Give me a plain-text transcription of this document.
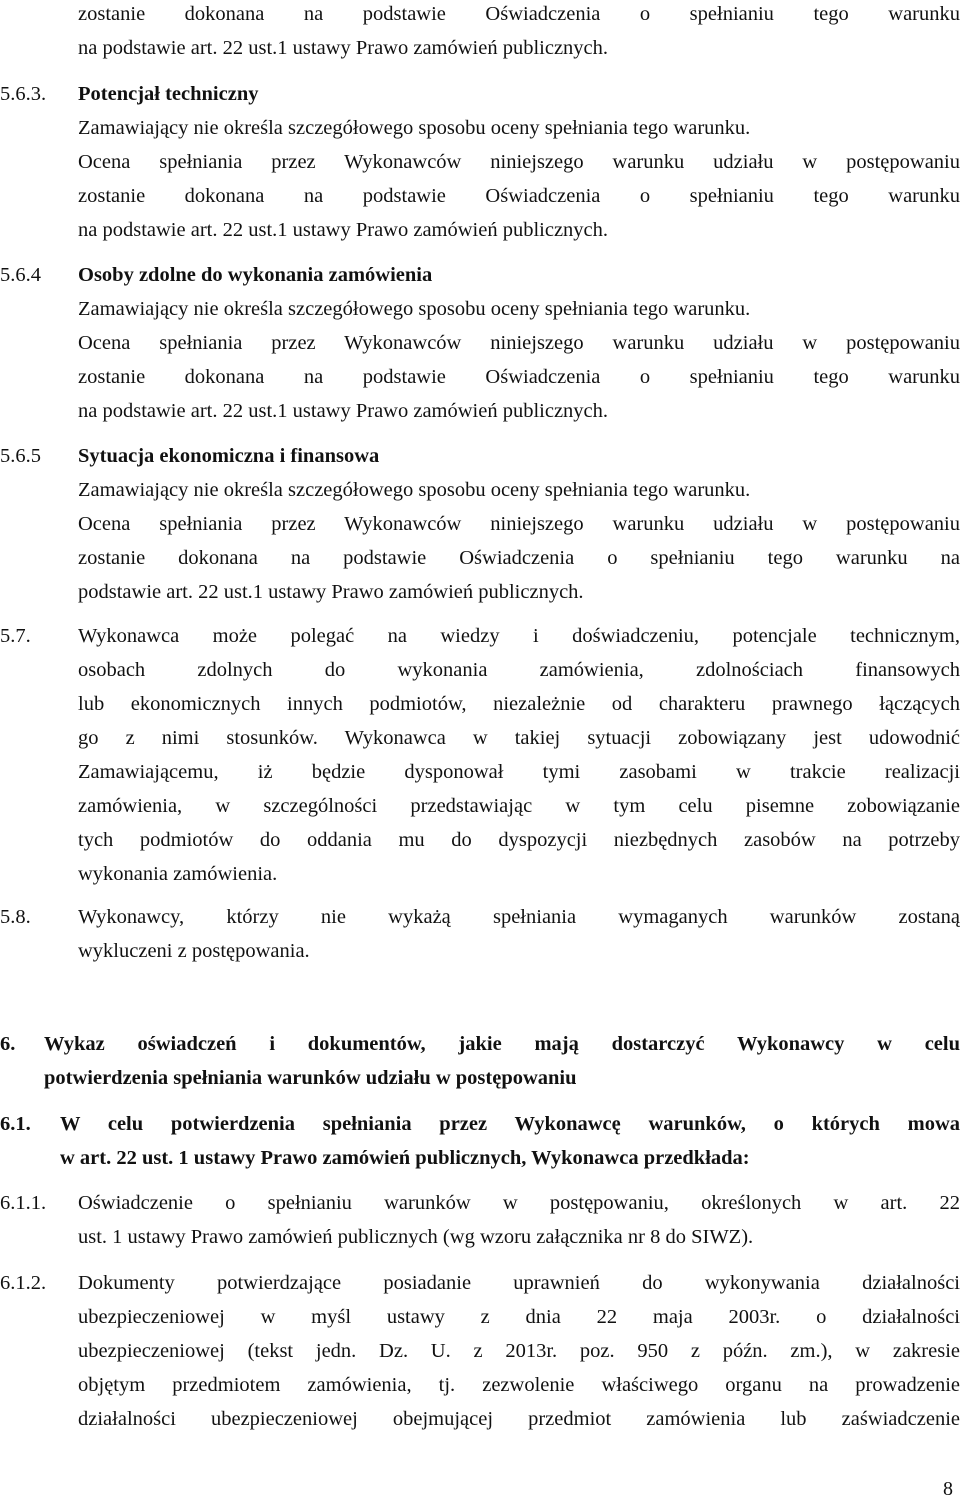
zostanie dokonana na podstawie Oświadczenia o spełnianiu tego warunku

na podstawie art. 22 ust.1 ustawy Prawo zamówień publicznych.

5.6.3. Potencjał techniczny

Zamawiający nie określa szczegółowego sposobu oceny spełniania tego warunku.

Ocena spełniania przez Wykonawców niniejszego warunku udziału w postępowaniu

zostanie dokonana na podstawie Oświadczenia o spełnianiu tego warunku

na podstawie art. 22 ust.1 ustawy Prawo zamówień publicznych.

5.6.4 Osoby zdolne do wykonania zamówienia

Zamawiający nie określa szczegółowego sposobu oceny spełniania tego warunku.

Ocena spełniania przez Wykonawców niniejszego warunku udziału w postępowaniu

zostanie dokonana na podstawie Oświadczenia o spełnianiu tego warunku

na podstawie art. 22 ust.1 ustawy Prawo zamówień publicznych.

5.6.5 Sytuacja ekonomiczna i finansowa

Zamawiający nie określa szczegółowego sposobu oceny spełniania tego warunku.

Ocena spełniania przez Wykonawców niniejszego warunku udziału w postępowaniu

zostanie dokonana na podstawie Oświadczenia o spełnianiu tego warunku na

podstawie art. 22 ust.1 ustawy Prawo zamówień publicznych.

5.7. Wykonawca może polegać na wiedzy i doświadczeniu, potencjale technicznym,

osobach zdolnych do wykonania zamówienia, zdolnościach finansowych

lub ekonomicznych innych podmiotów, niezależnie od charakteru prawnego łączących

go z nimi stosunków. Wykonawca w takiej sytuacji zobowiązany jest udowodnić

Zamawiającemu, iż będzie dysponował tymi zasobami w trakcie realizacji

zamówienia, w szczególności przedstawiając w tym celu pisemne zobowiązanie

tych podmiotów do oddania mu do dyspozycji niezbędnych zasobów na potrzeby

wykonania zamówienia.

5.8. Wykonawcy, którzy nie wykażą spełniania wymaganych warunków zostaną

wykluczeni z postępowania.

6. Wykaz oświadczeń i dokumentów, jakie mają dostarczyć Wykonawcy w celu

potwierdzenia spełniania warunków udziału w postępowaniu

6.1. W celu potwierdzenia spełniania przez Wykonawcę warunków, o których mowa

w art. 22 ust. 1 ustawy Prawo zamówień publicznych, Wykonawca przedkłada:

6.1.1. Oświadczenie o spełnianiu warunków w postępowaniu, określonych w art. 22

ust. 1 ustawy Prawo zamówień publicznych (wg wzoru załącznika nr 8 do SIWZ).

6.1.2. Dokumenty potwierdzające posiadanie uprawnień do wykonywania działalności

ubezpieczeniowej w myśl ustawy z dnia 22 maja 2003r. o działalności

ubezpieczeniowej (tekst jedn. Dz. U. z 2013r. poz. 950 z późn. zm.), w zakresie

objętym przedmiotem zamówienia, tj. zezwolenie właściwego organu na prowadzenie

działalności ubezpieczeniowej obejmującej przedmiot zamówienia lub zaświadczenie

8
